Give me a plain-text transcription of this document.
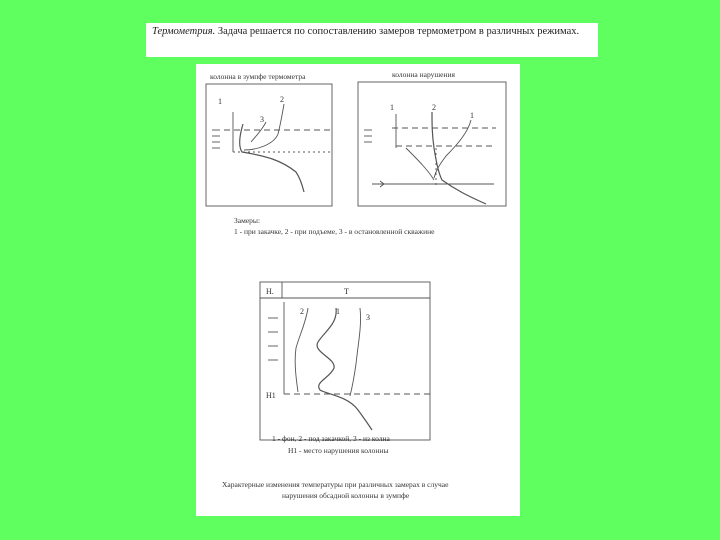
Термометрия. Задача решается по сопоставлению замеров термометром в различных режимах.
1	2
3
1	2
1
H.	T
2	1
3
H1
колонна в зумпфе термометра	колонна нарушения
Замеры:
1 - при закачке, 2 - при подъеме, 3 - в остановленной скважине
1 - фон, 2 - под закачкой, 3 - из колна
H1 - место нарушения колонны
Характерные изменения температуры при различных замерах в случае
нарушения обсадной колонны в зумпфе
